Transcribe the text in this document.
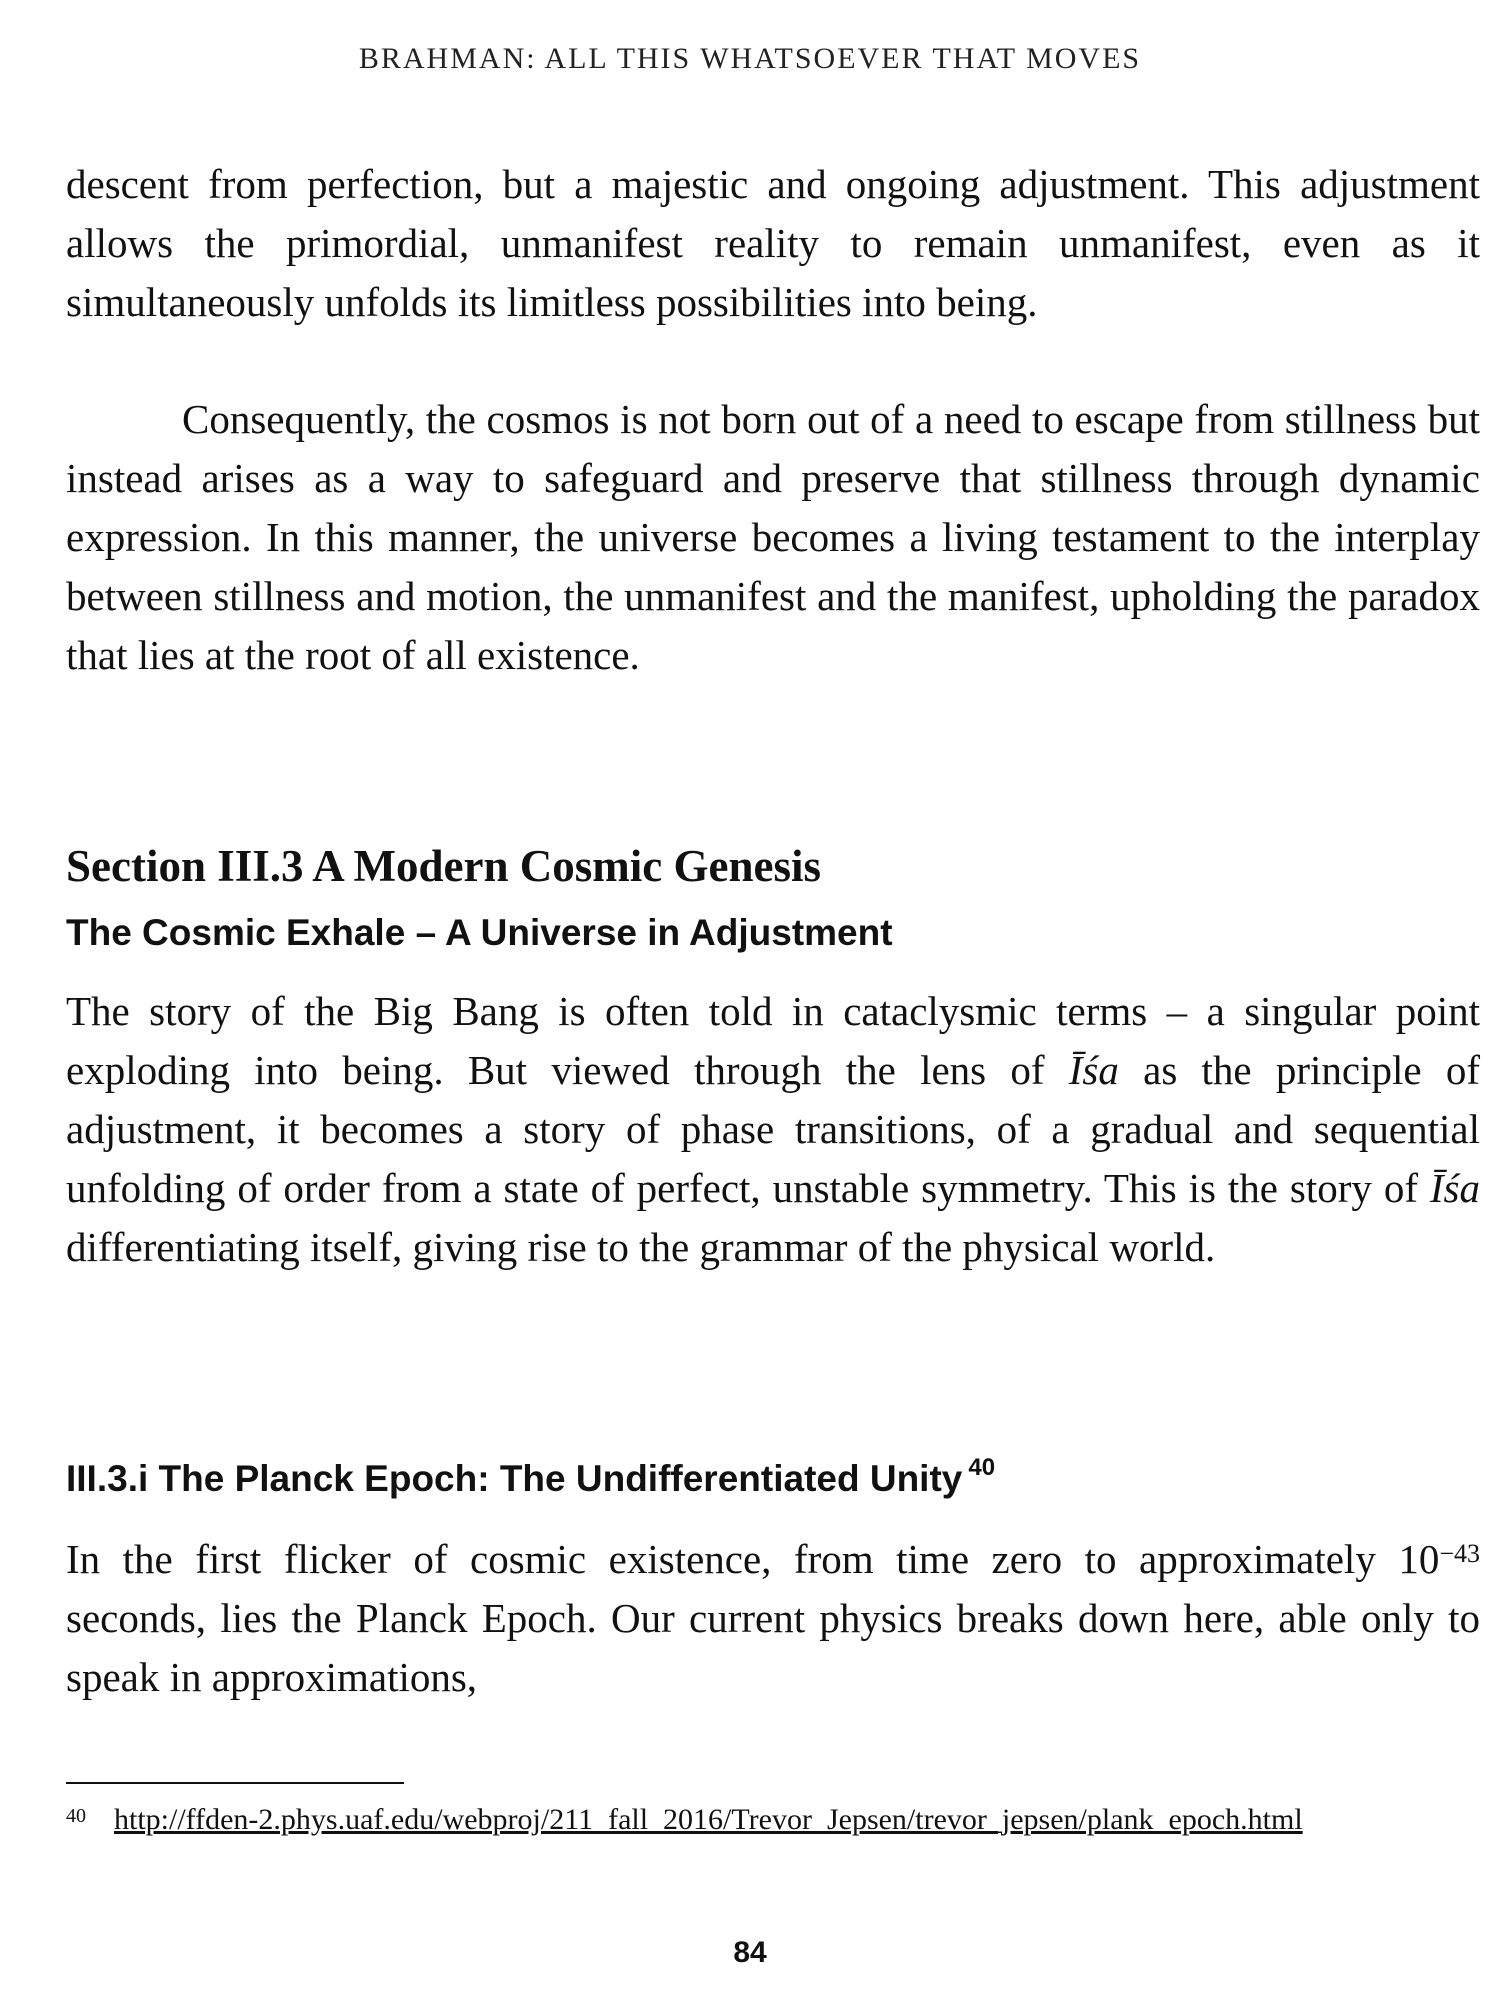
BRAHMAN: ALL THIS WHATSOEVER THAT MOVES

descent from perfection, but a majestic and ongoing adjustment. This adjustment allows the primordial, unmanifest reality to remain unmanifest, even as it simultaneously unfolds its limitless possibilities into being.

Consequently, the cosmos is not born out of a need to escape from stillness but instead arises as a way to safeguard and preserve that stillness through dynamic expression. In this manner, the universe becomes a living testament to the interplay between stillness and motion, the unmanifest and the manifest, upholding the paradox that lies at the root of all existence.

Section III.3 A Modern Cosmic Genesis
The Cosmic Exhale – A Universe in Adjustment

The story of the Big Bang is often told in cataclysmic terms – a singular point exploding into being. But viewed through the lens of Īśa as the principle of adjustment, it becomes a story of phase transitions, of a gradual and sequential unfolding of order from a state of perfect, unstable symmetry. This is the story of Īśa differentiating itself, giving rise to the grammar of the physical world.

III.3.i The Planck Epoch: The Undifferentiated Unity $^{40}$

In the first flicker of cosmic existence, from time zero to approximately $10^{-43}$ seconds, lies the Planck Epoch. Our current physics breaks down here, able only to speak in approximations,

$^{40}$ http://ffden-2.phys.uaf.edu/webproj/211_fall_2016/Trevor_Jepsen/trevor_jepsen/plank_epoch.html
84
